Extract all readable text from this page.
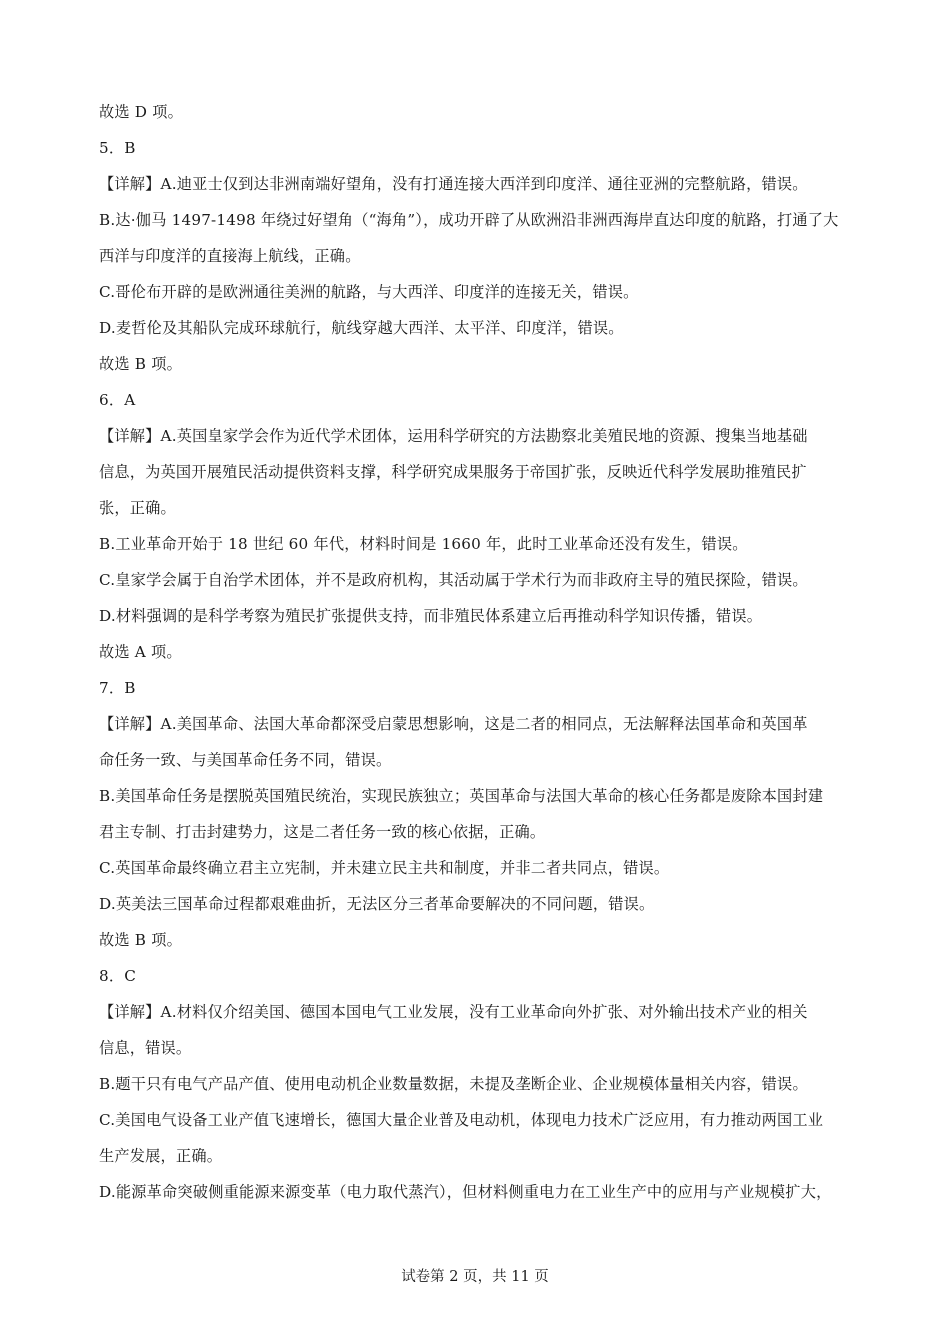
故选 D 项。
5．B
【详解】A.迪亚士仅到达非洲南端好望角，没有打通连接大西洋到印度洋、通往亚洲的完整航路，错误。
B.达·伽马 1497-1498 年绕过好望角（“海角”），成功开辟了从欧洲沿非洲西海岸直达印度的航路，打通了大
西洋与印度洋的直接海上航线，正确。
C.哥伦布开辟的是欧洲通往美洲的航路，与大西洋、印度洋的连接无关，错误。
D.麦哲伦及其船队完成环球航行，航线穿越大西洋、太平洋、印度洋，错误。
故选 B 项。
6．A
【详解】A.英国皇家学会作为近代学术团体，运用科学研究的方法勘察北美殖民地的资源、搜集当地基础
信息，为英国开展殖民活动提供资料支撑，科学研究成果服务于帝国扩张，反映近代科学发展助推殖民扩
张，正确。
B.工业革命开始于 18 世纪 60 年代，材料时间是 1660 年，此时工业革命还没有发生，错误。
C.皇家学会属于自治学术团体，并不是政府机构，其活动属于学术行为而非政府主导的殖民探险，错误。
D.材料强调的是科学考察为殖民扩张提供支持，而非殖民体系建立后再推动科学知识传播，错误。
故选 A 项。
7．B
【详解】A.美国革命、法国大革命都深受启蒙思想影响，这是二者的相同点，无法解释法国革命和英国革
命任务一致、与美国革命任务不同，错误。
B.美国革命任务是摆脱英国殖民统治，实现民族独立；英国革命与法国大革命的核心任务都是废除本国封建
君主专制、打击封建势力，这是二者任务一致的核心依据，正确。
C.英国革命最终确立君主立宪制，并未建立民主共和制度，并非二者共同点，错误。
D.英美法三国革命过程都艰难曲折，无法区分三者革命要解决的不同问题，错误。
故选 B 项。
8．C
【详解】A.材料仅介绍美国、德国本国电气工业发展，没有工业革命向外扩张、对外输出技术产业的相关
信息，错误。
B.题干只有电气产品产值、使用电动机企业数量数据，未提及垄断企业、企业规模体量相关内容，错误。
C.美国电气设备工业产值飞速增长，德国大量企业普及电动机，体现电力技术广泛应用，有力推动两国工业
生产发展，正确。
D.能源革命突破侧重能源来源变革（电力取代蒸汽），但材料侧重电力在工业生产中的应用与产业规模扩大，
试卷第 2 页，共 11 页
